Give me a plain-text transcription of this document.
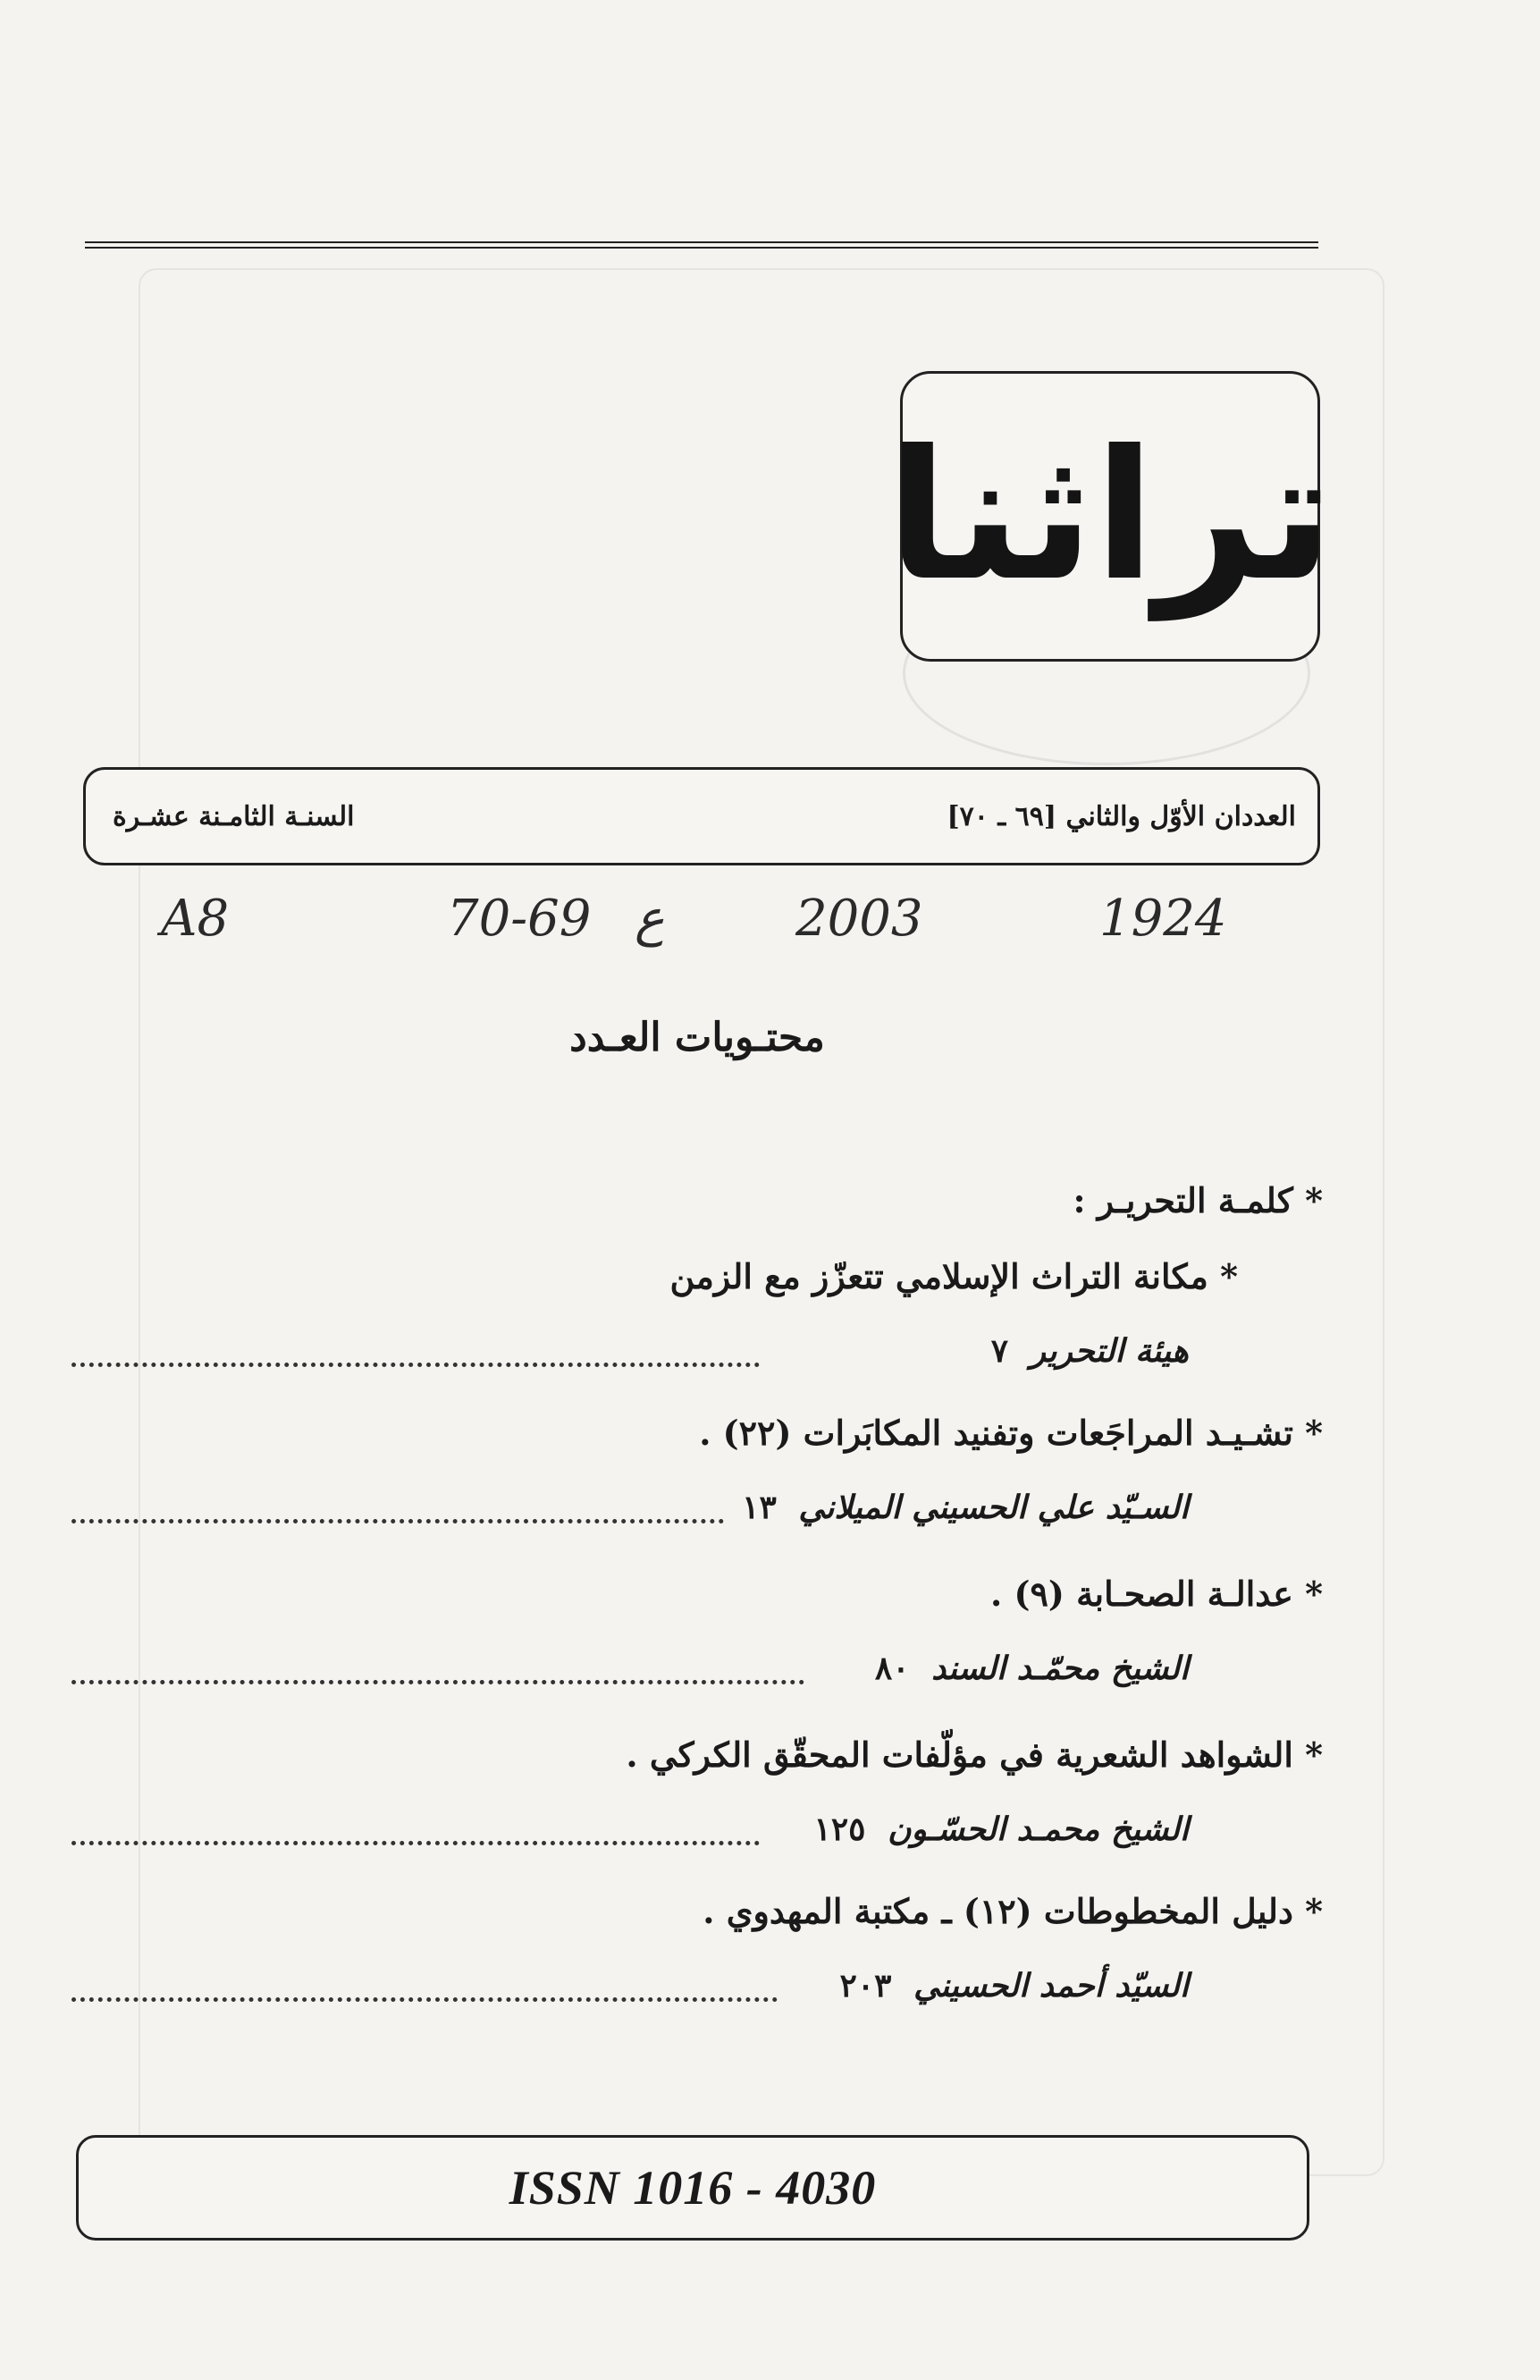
تراثنا
العددان الأوّل والثاني [٦٩ ـ ٧٠]
السنـة الثامـنة عشـرة
A8	70-69 ع	2003	1924
محتـويات العـدد
* كلمـة التحريـر :
* مكانة التراث الإسلامي تتعزّز مع الزمن
هيئة التحرير ٧
* تشـيـد المراجَعات وتفنيد المكابَرات (٢٢) .
السـيّد علي الحسيني الميلاني ١٣
* عدالـة الصحـابة (٩) .
الشيخ محمّـد السند ٨٠
* الشواهد الشعرية في مؤلّفات المحقّق الكركي .
الشيخ محمـد الحسّـون ١٢٥
* دليل المخطوطات (١٢) ـ مكتبة المهدوي .
السيّد أحمد الحسيني ٢٠٣
ISSN 1016 - 4030
